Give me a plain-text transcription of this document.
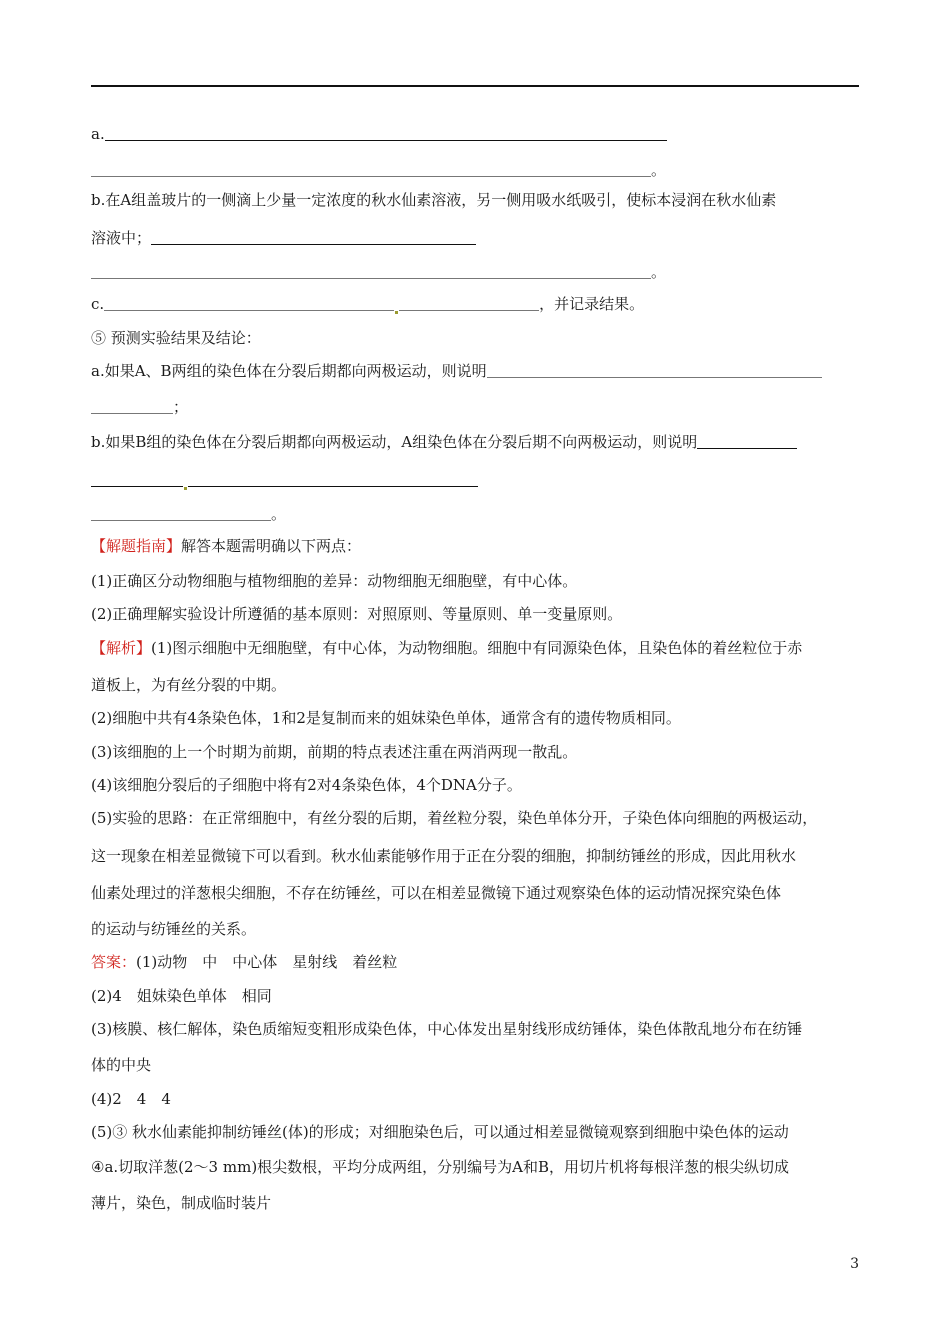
a.
。
b.在A组盖玻片的一侧滴上少量一定浓度的秋水仙素溶液，另一侧用吸水纸吸引，使标本浸润在秋水仙素
溶液中；
。
c.	，并记录结果。
⑤ 预测实验结果及结论：
a.如果A、B两组的染色体在分裂后期都向两极运动，则说明
；
b.如果B组的染色体在分裂后期都向两极运动，A组染色体在分裂后期不向两极运动，则说明
。
【解题指南】解答本题需明确以下两点：
(1)正确区分动物细胞与植物细胞的差异：动物细胞无细胞壁，有中心体。
(2)正确理解实验设计所遵循的基本原则：对照原则、等量原则、单一变量原则。
【解析】(1)图示细胞中无细胞壁，有中心体，为动物细胞。细胞中有同源染色体，且染色体的着丝粒位于赤
道板上，为有丝分裂的中期。
(2)细胞中共有4条染色体，1和2是复制而来的姐妹染色单体，通常含有的遗传物质相同。
(3)该细胞的上一个时期为前期，前期的特点表述注重在两消两现一散乱。
(4)该细胞分裂后的子细胞中将有2对4条染色体，4个DNA分子。
(5)实验的思路：在正常细胞中，有丝分裂的后期，着丝粒分裂，染色单体分开，子染色体向细胞的两极运动，
这一现象在相差显微镜下可以看到。秋水仙素能够作用于正在分裂的细胞，抑制纺锤丝的形成，因此用秋水
仙素处理过的洋葱根尖细胞，不存在纺锤丝，可以在相差显微镜下通过观察染色体的运动情况探究染色体
的运动与纺锤丝的关系。
答案：(1)动物　中　中心体　星射线　着丝粒
(2)4　姐妹染色单体　相同
(3)核膜、核仁解体，染色质缩短变粗形成染色体，中心体发出星射线形成纺锤体，染色体散乱地分布在纺锤
体的中央
(4)2　4　4
(5)③ 秋水仙素能抑制纺锤丝(体)的形成；对细胞染色后，可以通过相差显微镜观察到细胞中染色体的运动
④a.切取洋葱(2～3 mm)根尖数根，平均分成两组，分别编号为A和B，用切片机将每根洋葱的根尖纵切成
薄片，染色，制成临时装片
3
